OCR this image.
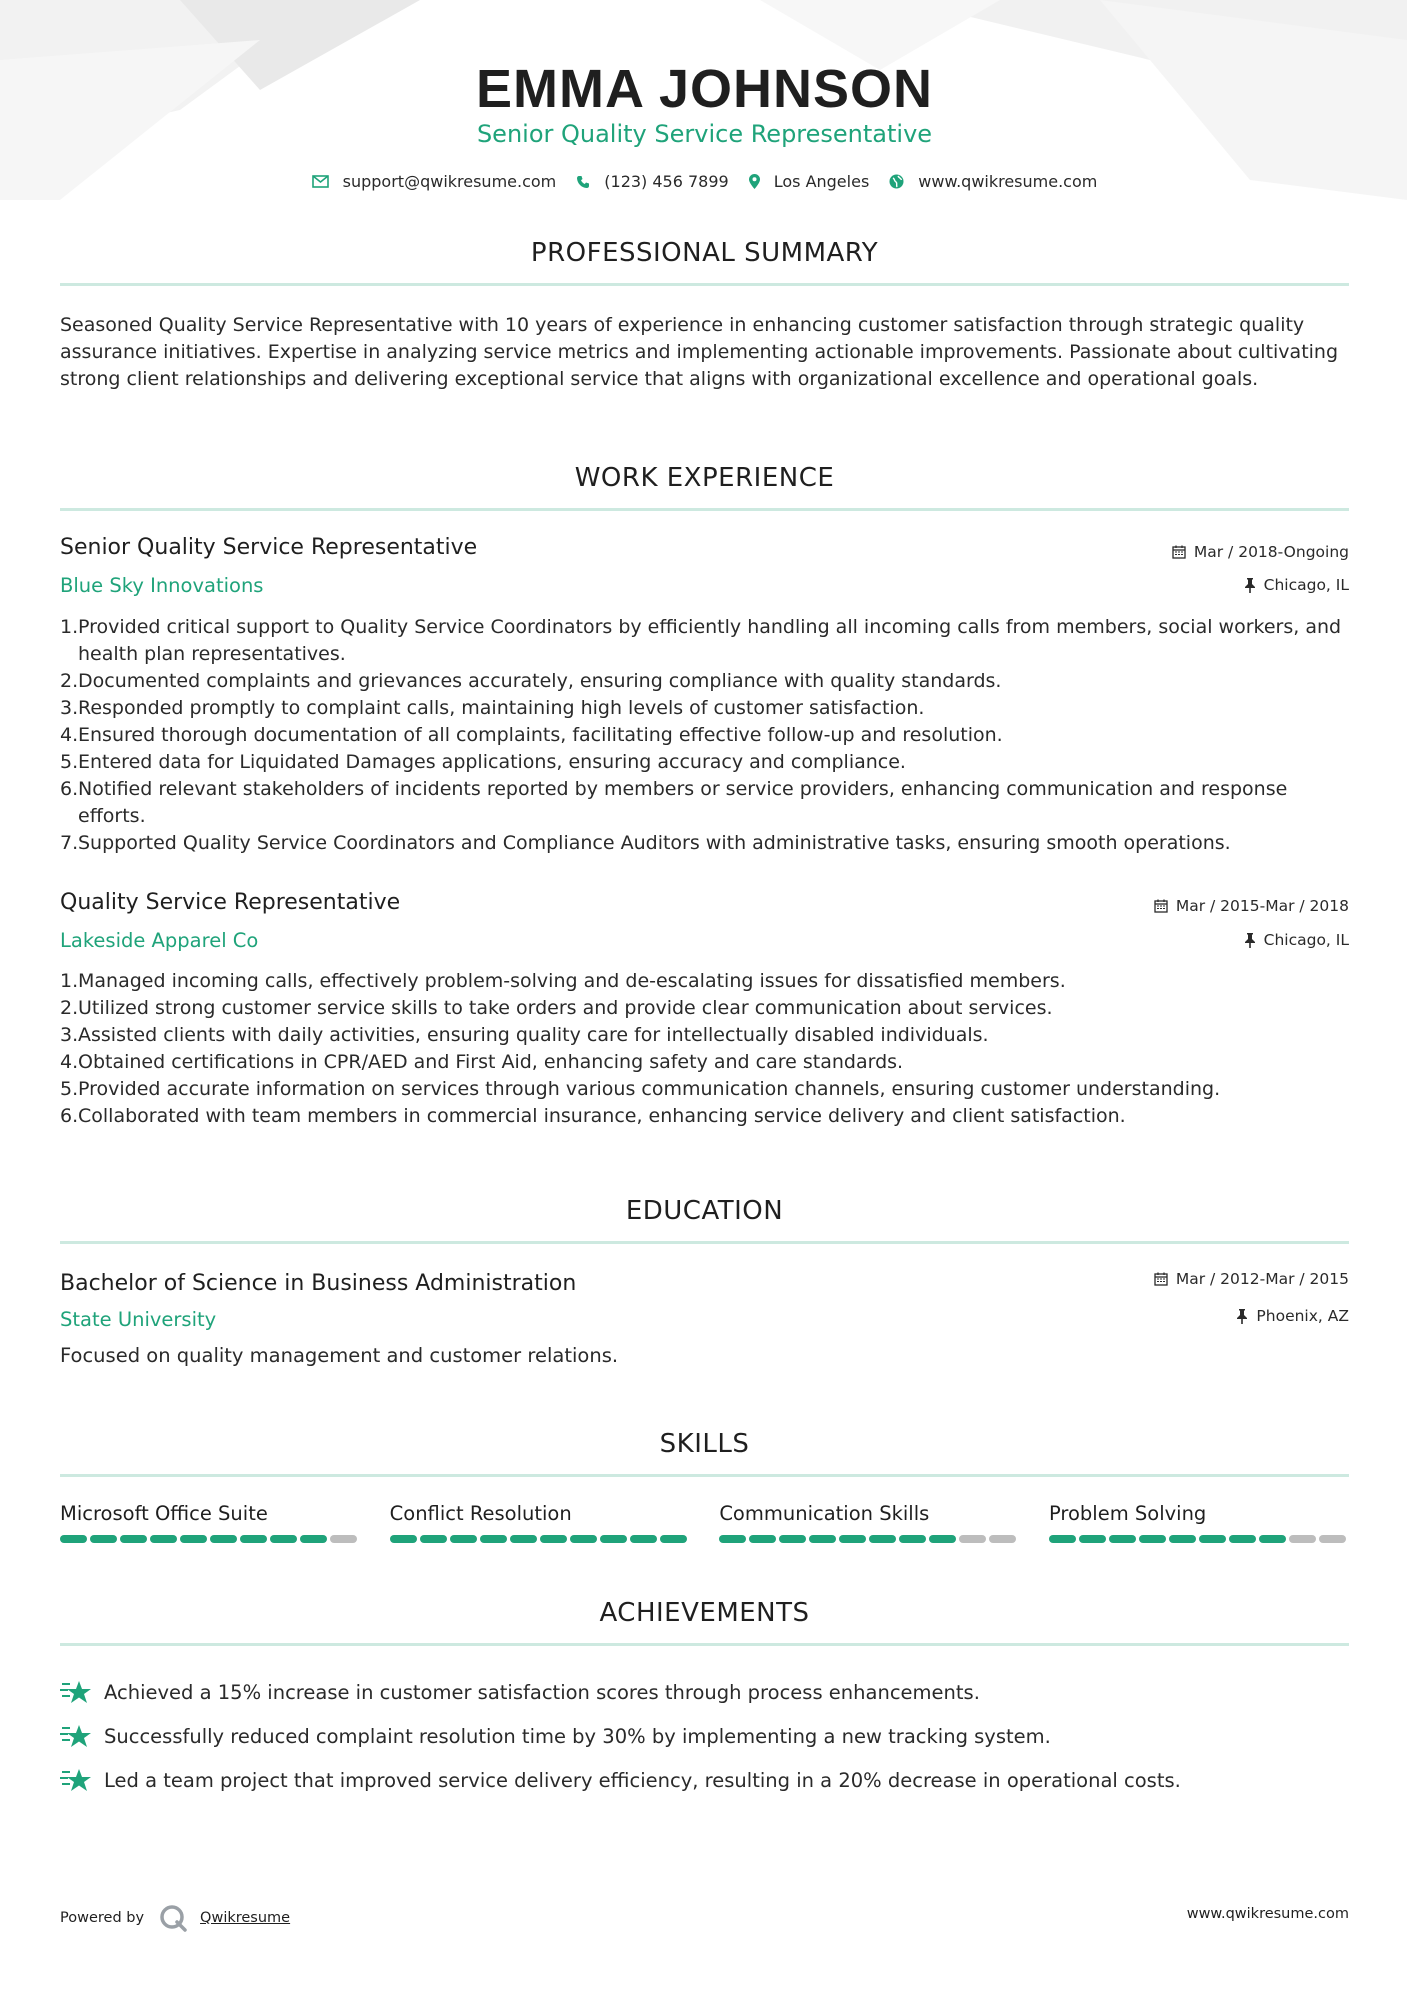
EMMA JOHNSON
Senior Quality Service Representative
support@qwikresume.com	(123) 456 7899	Los Angeles	www.qwikresume.com
PROFESSIONAL SUMMARY

Seasoned Quality Service Representative with 10 years of experience in enhancing customer satisfaction through strategic quality assurance initiatives. Expertise in analyzing service metrics and implementing actionable improvements. Passionate about cultivating strong client relationships and delivering exceptional service that aligns with organizational excellence and operational goals.

WORK EXPERIENCE
Senior Quality Service Representative	Mar / 2018-Ongoing
Blue Sky Innovations	Chicago, IL
Provided critical support to Quality Service Coordinators by efficiently handling all incoming calls from members, social workers, and health plan representatives.
Documented complaints and grievances accurately, ensuring compliance with quality standards.
Responded promptly to complaint calls, maintaining high levels of customer satisfaction.
Ensured thorough documentation of all complaints, facilitating effective follow-up and resolution.
Entered data for Liquidated Damages applications, ensuring accuracy and compliance.
Notified relevant stakeholders of incidents reported by members or service providers, enhancing communication and response efforts.
Supported Quality Service Coordinators and Compliance Auditors with administrative tasks, ensuring smooth operations.
Quality Service Representative	Mar / 2015-Mar / 2018
Lakeside Apparel Co	Chicago, IL
Managed incoming calls, effectively problem-solving and de-escalating issues for dissatisfied members.
Utilized strong customer service skills to take orders and provide clear communication about services.
Assisted clients with daily activities, ensuring quality care for intellectually disabled individuals.
Obtained certifications in CPR/AED and First Aid, enhancing safety and care standards.
Provided accurate information on services through various communication channels, ensuring customer understanding.
Collaborated with team members in commercial insurance, enhancing service delivery and client satisfaction.
EDUCATION
Bachelor of Science in Business Administration	Mar / 2012-Mar / 2015
State University	Phoenix, AZ
Focused on quality management and customer relations.
SKILLS
Microsoft Office Suite	Conflict Resolution	Communication Skills	Problem Solving
ACHIEVEMENTS
Achieved a 15% increase in customer satisfaction scores through process enhancements.
Successfully reduced complaint resolution time by 30% by implementing a new tracking system.
Led a team project that improved service delivery efficiency, resulting in a 20% decrease in operational costs.
Powered by	Qwikresume	www.qwikresume.com
